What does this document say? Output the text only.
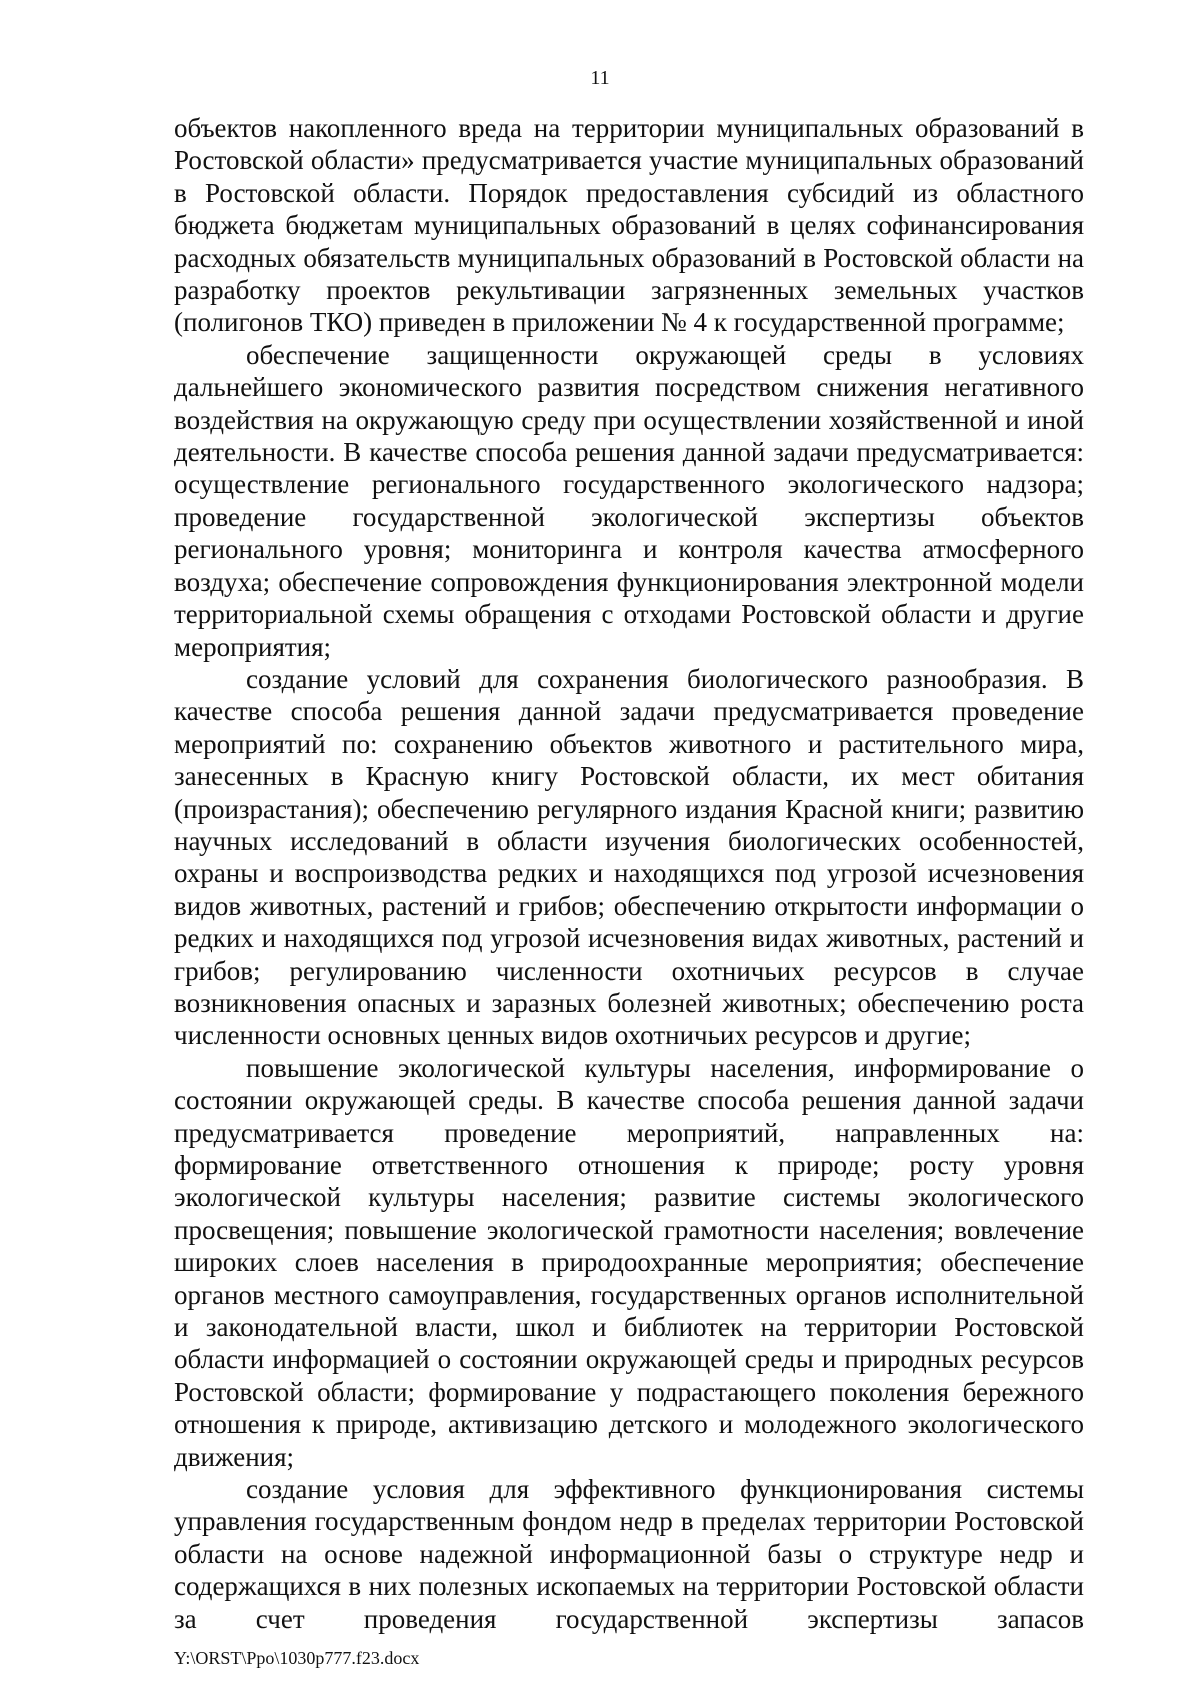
11

объектов накопленного вреда на территории муниципальных образований в Ростовской области» предусматривается участие муниципальных образований в Ростовской области. Порядок предоставления субсидий из областного бюджета бюджетам муниципальных образований в целях софинансирования расходных обязательств муниципальных образований в Ростовской области на разработку проектов рекультивации загрязненных земельных участков (полигонов ТКО) приведен в приложении № 4 к государственной программе;

обеспечение защищенности окружающей среды в условиях дальнейшего экономического развития посредством снижения негативного воздействия на окружающую среду при осуществлении хозяйственной и иной деятельности. В качестве способа решения данной задачи предусматривается: осуществление регионального государственного экологического надзора; проведение государственной экологической экспертизы объектов регионального уровня; мониторинга и контроля качества атмосферного воздуха; обеспечение сопровождения функционирования электронной модели территориальной схемы обращения с отходами Ростовской области и другие мероприятия;

создание условий для сохранения биологического разнообразия. В качестве способа решения данной задачи предусматривается проведение мероприятий по: сохранению объектов животного и растительного мира, занесенных в Красную книгу Ростовской области, их мест обитания (произрастания); обеспечению регулярного издания Красной книги; развитию научных исследований в области изучения биологических особенностей, охраны и воспроизводства редких и находящихся под угрозой исчезновения видов животных, растений и грибов; обеспечению открытости информации о редких и находящихся под угрозой исчезновения видах животных, растений и грибов; регулированию численности охотничьих ресурсов в случае возникновения опасных и заразных болезней животных; обеспечению роста численности основных ценных видов охотничьих ресурсов и другие;

повышение экологической культуры населения, информирование о состоянии окружающей среды. В качестве способа решения данной задачи предусматривается проведение мероприятий, направленных на: формирование ответственного отношения к природе; росту уровня экологической культуры населения; развитие системы экологического просвещения; повышение экологической грамотности населения; вовлечение широких слоев населения в природоохранные мероприятия; обеспечение органов местного самоуправления, государственных органов исполнительной и законодательной власти, школ и библиотек на территории Ростовской области информацией о состоянии окружающей среды и природных ресурсов Ростовской области; формирование у подрастающего поколения бережного отношения к природе, активизацию детского и молодежного экологического движения;

создание условия для эффективного функционирования системы управления государственным фондом недр в пределах территории Ростовской области на основе надежной информационной базы о структуре недр и содержащихся в них полезных ископаемых на территории Ростовской области за счет проведения государственной экспертизы запасов

Y:\ORST\Ppo\1030p777.f23.docx
